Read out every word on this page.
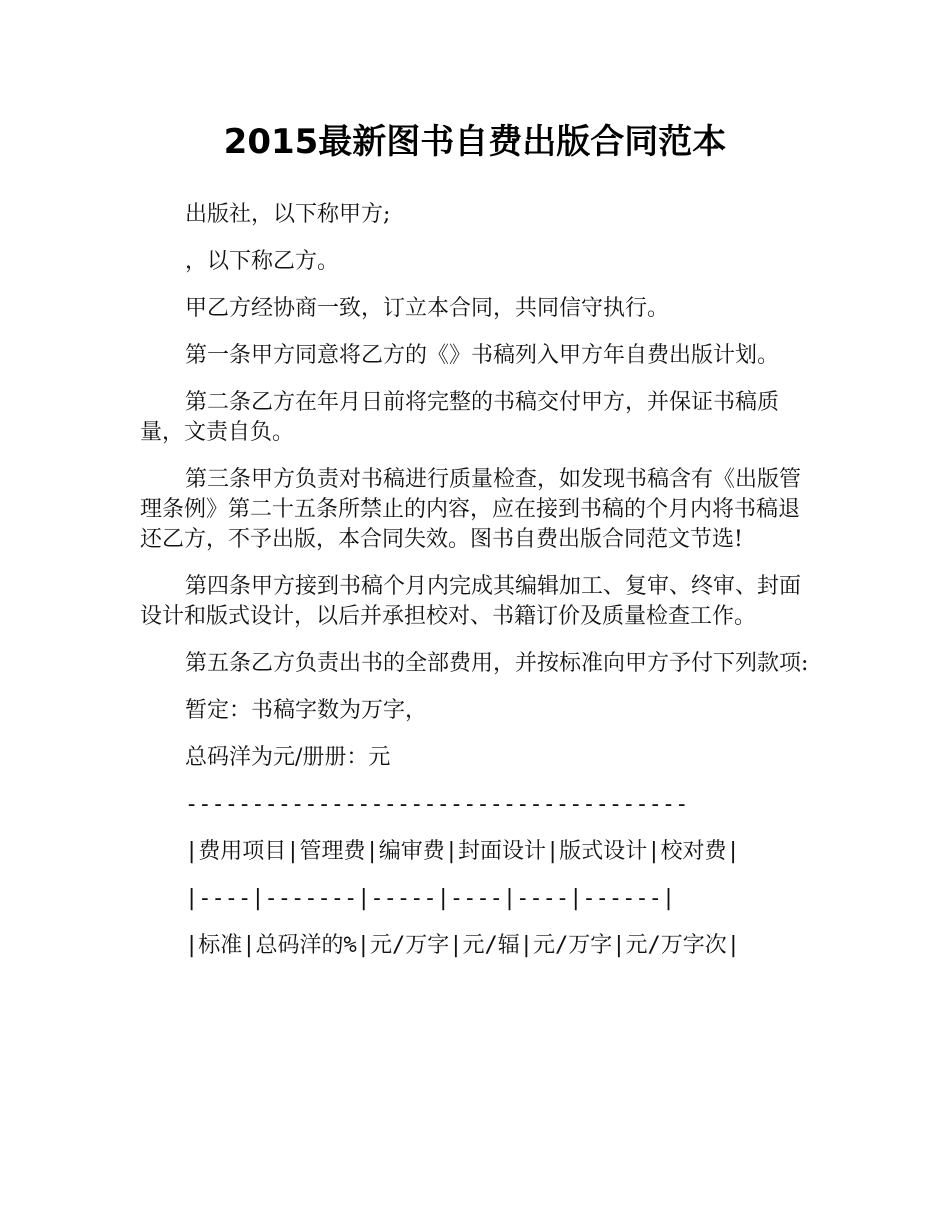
2015最新图书自费出版合同范本

出版社，以下称甲方;

，以下称乙方。

甲乙方经协商一致，订立本合同，共同信守执行。

第一条甲方同意将乙方的《》书稿列入甲方年自费出版计划。

第二条乙方在年月日前将完整的书稿交付甲方，并保证书稿质量，文责自负。

第三条甲方负责对书稿进行质量检查，如发现书稿含有《出版管理条例》第二十五条所禁止的内容，应在接到书稿的个月内将书稿退还乙方，不予出版，本合同失效。图书自费出版合同范文节选!

第四条甲方接到书稿个月内完成其编辑加工、复审、终审、封面设计和版式设计，以后并承担校对、书籍订价及质量检查工作。

第五条乙方负责出书的全部费用，并按标准向甲方予付下列款项:

暂定：书稿字数为万字，

总码洋为元/册册：元

--------------------------------------

|费用项目|管理费|编审费|封面设计|版式设计|校对费|

|----|-------|-----|----|----|------|

|标准|总码洋的%|元/万字|元/辐|元/万字|元/万字次|
